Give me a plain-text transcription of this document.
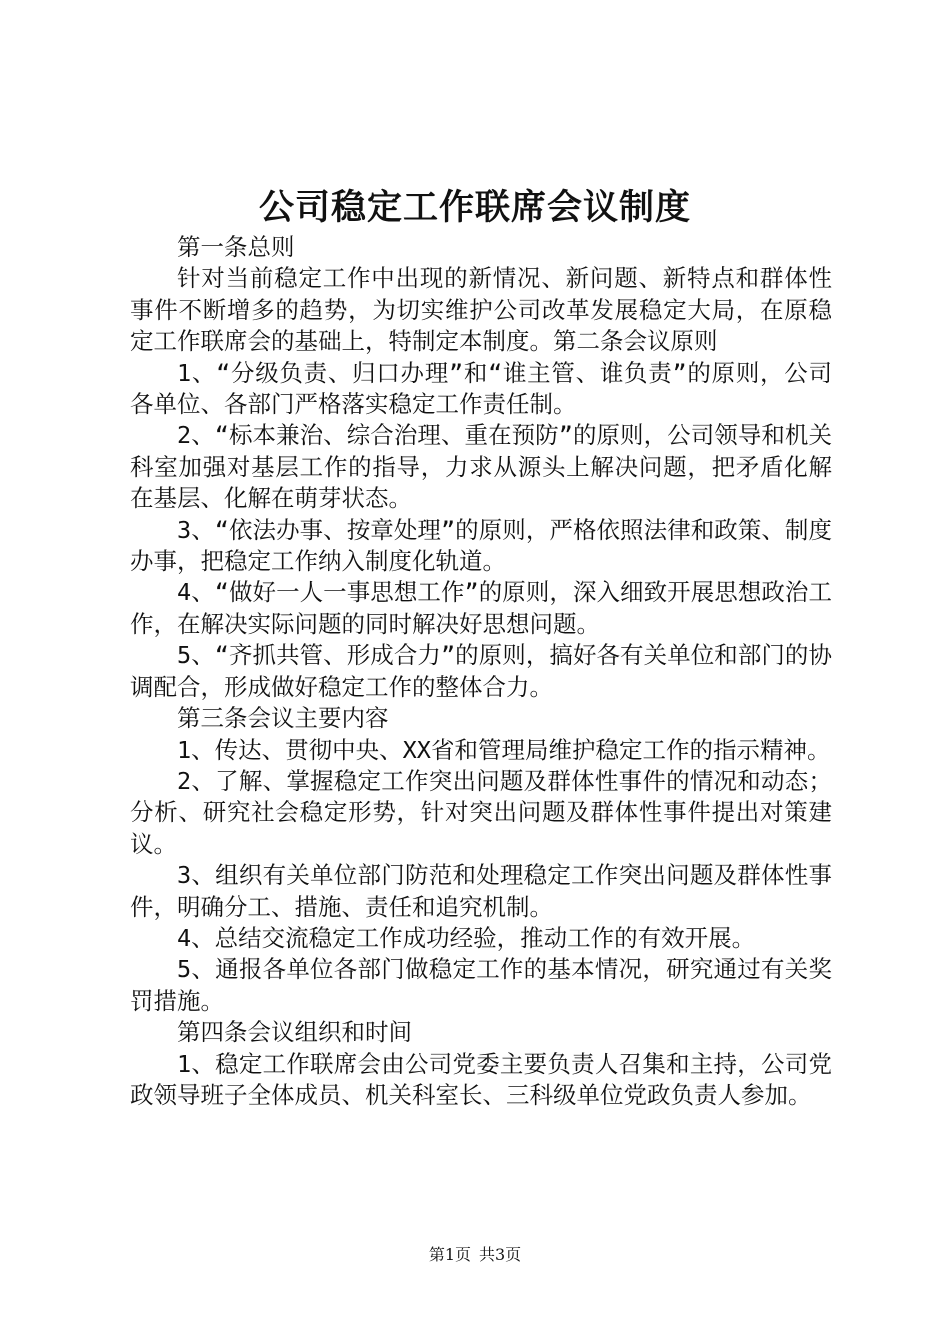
公司稳定工作联席会议制度

第一条总则

针对当前稳定工作中出现的新情况、新问题、新特点和群体性事件不断增多的趋势，为切实维护公司改革发展稳定大局，在原稳定工作联席会的基础上，特制定本制度。第二条会议原则

1、“分级负责、归口办理”和“谁主管、谁负责”的原则，公司各单位、各部门严格落实稳定工作责任制。

2、“标本兼治、综合治理、重在预防”的原则，公司领导和机关科室加强对基层工作的指导，力求从源头上解决问题，把矛盾化解在基层、化解在萌芽状态。

3、“依法办事、按章处理”的原则，严格依照法律和政策、制度办事，把稳定工作纳入制度化轨道。

4、“做好一人一事思想工作”的原则，深入细致开展思想政治工作，在解决实际问题的同时解决好思想问题。

5、“齐抓共管、形成合力”的原则，搞好各有关单位和部门的协调配合，形成做好稳定工作的整体合力。

第三条会议主要内容

1、传达、贯彻中央、XX省和管理局维护稳定工作的指示精神。

2、了解、掌握稳定工作突出问题及群体性事件的情况和动态；分析、研究社会稳定形势，针对突出问题及群体性事件提出对策建议。

3、组织有关单位部门防范和处理稳定工作突出问题及群体性事件，明确分工、措施、责任和追究机制。

4、总结交流稳定工作成功经验，推动工作的有效开展。

5、通报各单位各部门做稳定工作的基本情况，研究通过有关奖罚措施。

第四条会议组织和时间

1、稳定工作联席会由公司党委主要负责人召集和主持，公司党政领导班子全体成员、机关科室长、三科级单位党政负责人参加。

第1页 共3页
